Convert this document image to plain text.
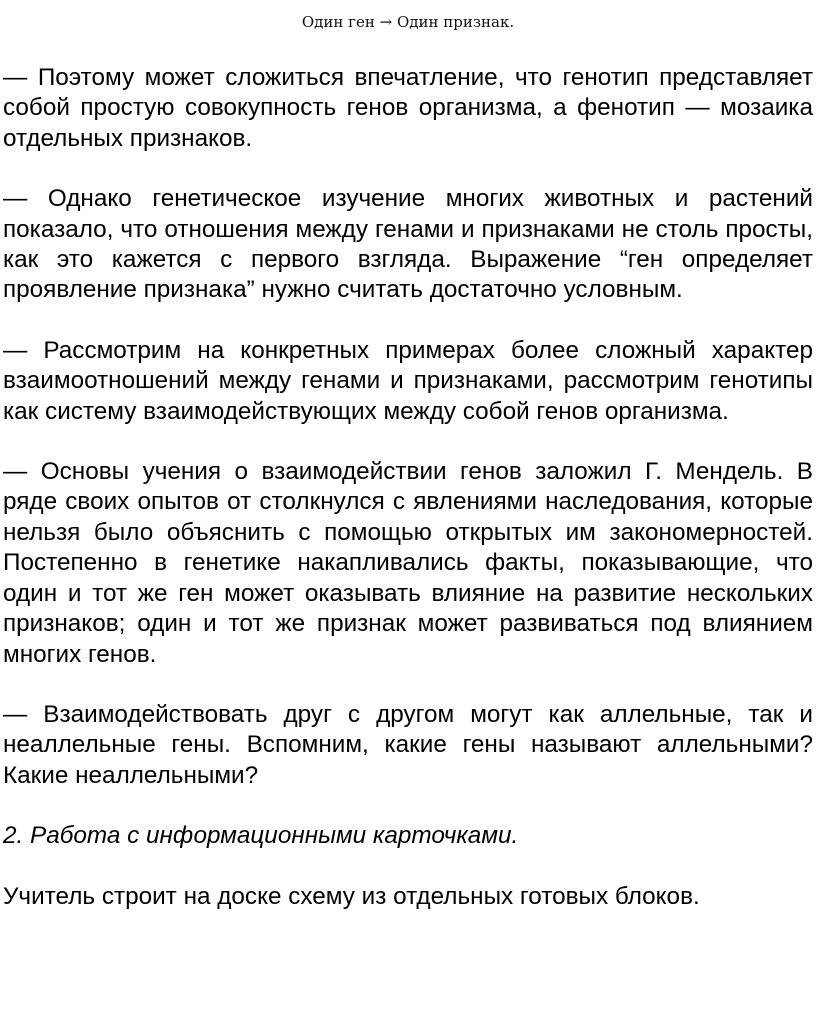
Один ген → Один признак.

— Поэтому может сложиться впечатление, что генотип представляет собой простую совокупность генов организма, а фенотип — мозаика отдельных признаков.

— Однако генетическое изучение многих животных и растений показало, что отношения между генами и признаками не столь просты, как это кажется с первого взгляда. Выражение “ген определяет проявление признака” нужно считать достаточно условным.

— Рассмотрим на конкретных примерах более сложный характер взаимоотношений между генами и признаками, рассмотрим генотипы как систему взаимодействующих между собой генов организма.

— Основы учения о взаимодействии генов заложил Г. Мендель. В ряде своих опытов от столкнулся с явлениями наследования, которые нельзя было объяснить с помощью открытых им закономерностей. Постепенно в генетике накапливались факты, показывающие, что один и тот же ген может оказывать влияние на развитие нескольких признаков; один и тот же признак может развиваться под влиянием многих генов.

— Взаимодействовать друг с другом могут как аллельные, так и неаллельные гены. Вспомним, какие гены называют аллельными? Какие неаллельными?

2. Работа с информационными карточками.

Учитель строит на доске схему из отдельных готовых блоков.
